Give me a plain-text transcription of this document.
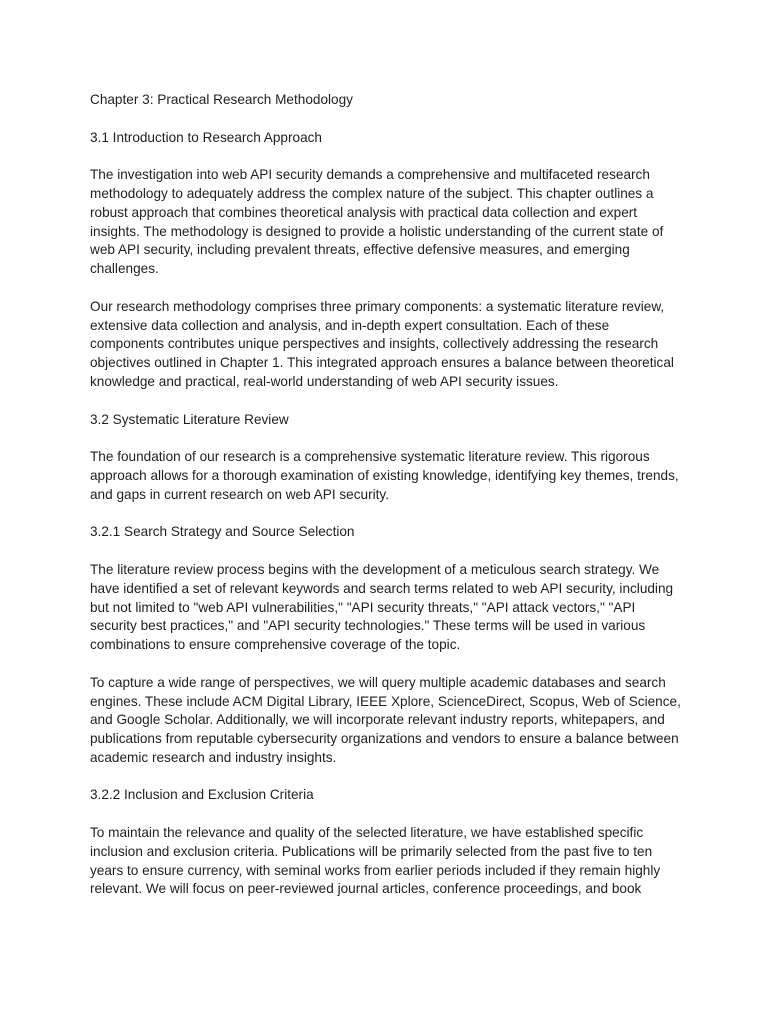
Chapter 3: Practical Research Methodology
3.1 Introduction to Research Approach

The investigation into web API security demands a comprehensive and multifaceted research methodology to adequately address the complex nature of the subject. This chapter outlines a robust approach that combines theoretical analysis with practical data collection and expert insights. The methodology is designed to provide a holistic understanding of the current state of web API security, including prevalent threats, effective defensive measures, and emerging challenges.

Our research methodology comprises three primary components: a systematic literature review, extensive data collection and analysis, and in-depth expert consultation. Each of these components contributes unique perspectives and insights, collectively addressing the research objectives outlined in Chapter 1. This integrated approach ensures a balance between theoretical knowledge and practical, real-world understanding of web API security issues.

3.2 Systematic Literature Review

The foundation of our research is a comprehensive systematic literature review. This rigorous approach allows for a thorough examination of existing knowledge, identifying key themes, trends, and gaps in current research on web API security.

3.2.1 Search Strategy and Source Selection

The literature review process begins with the development of a meticulous search strategy. We have identified a set of relevant keywords and search terms related to web API security, including but not limited to "web API vulnerabilities," "API security threats," "API attack vectors," "API security best practices," and "API security technologies." These terms will be used in various combinations to ensure comprehensive coverage of the topic.

To capture a wide range of perspectives, we will query multiple academic databases and search engines. These include ACM Digital Library, IEEE Xplore, ScienceDirect, Scopus, Web of Science, and Google Scholar. Additionally, we will incorporate relevant industry reports, whitepapers, and publications from reputable cybersecurity organizations and vendors to ensure a balance between academic research and industry insights.

3.2.2 Inclusion and Exclusion Criteria

To maintain the relevance and quality of the selected literature, we have established specific inclusion and exclusion criteria. Publications will be primarily selected from the past five to ten years to ensure currency, with seminal works from earlier periods included if they remain highly relevant. We will focus on peer-reviewed journal articles, conference proceedings, and book
